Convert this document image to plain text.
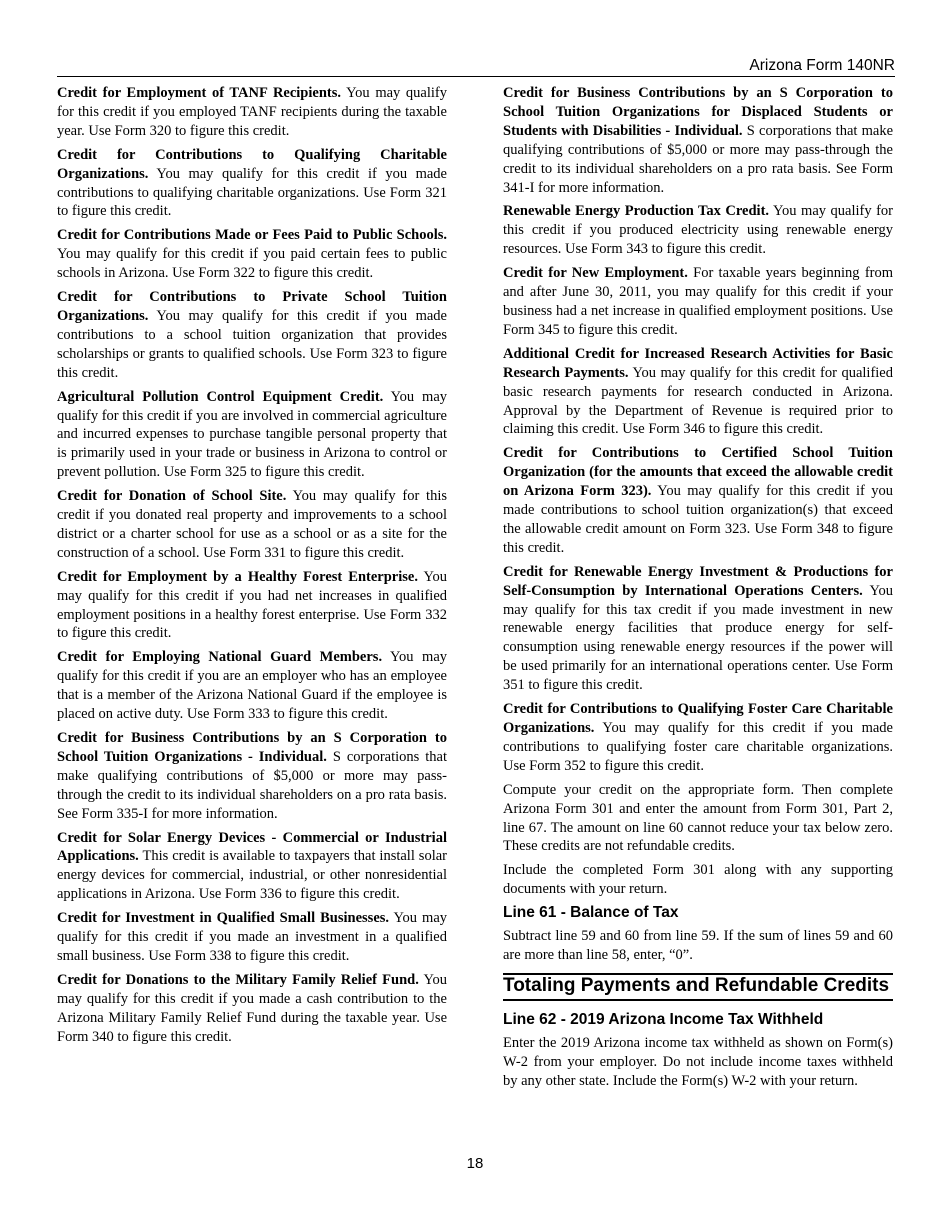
Arizona Form 140NR

Credit for Employment of TANF Recipients. You may qualify for this credit if you employed TANF recipients during the taxable year. Use Form 320 to figure this credit.

Credit for Contributions to Qualifying Charitable Organizations. You may qualify for this credit if you made contributions to qualifying charitable organizations. Use Form 321 to figure this credit.

Credit for Contributions Made or Fees Paid to Public Schools. You may qualify for this credit if you paid certain fees to public schools in Arizona. Use Form 322 to figure this credit.

Credit for Contributions to Private School Tuition Organizations. You may qualify for this credit if you made contributions to a school tuition organization that provides scholarships or grants to qualified schools. Use Form 323 to figure this credit.

Agricultural Pollution Control Equipment Credit. You may qualify for this credit if you are involved in commercial agriculture and incurred expenses to purchase tangible personal property that is primarily used in your trade or business in Arizona to control or prevent pollution. Use Form 325 to figure this credit.

Credit for Donation of School Site. You may qualify for this credit if you donated real property and improvements to a school district or a charter school for use as a school or as a site for the construction of a school. Use Form 331 to figure this credit.

Credit for Employment by a Healthy Forest Enterprise. You may qualify for this credit if you had net increases in qualified employment positions in a healthy forest enterprise. Use Form 332 to figure this credit.

Credit for Employing National Guard Members. You may qualify for this credit if you are an employer who has an employee that is a member of the Arizona National Guard if the employee is placed on active duty. Use Form 333 to figure this credit.

Credit for Business Contributions by an S Corporation to School Tuition Organizations - Individual. S corporations that make qualifying contributions of $5,000 or more may pass-through the credit to its individual shareholders on a pro rata basis. See Form 335-I for more information.

Credit for Solar Energy Devices - Commercial or Industrial Applications. This credit is available to taxpayers that install solar energy devices for commercial, industrial, or other nonresidential applications in Arizona. Use Form 336 to figure this credit.

Credit for Investment in Qualified Small Businesses. You may qualify for this credit if you made an investment in a qualified small business. Use Form 338 to figure this credit.

Credit for Donations to the Military Family Relief Fund. You may qualify for this credit if you made a cash contribution to the Arizona Military Family Relief Fund during the taxable year. Use Form 340 to figure this credit.

Credit for Business Contributions by an S Corporation to School Tuition Organizations for Displaced Students or Students with Disabilities - Individual. S corporations that make qualifying contributions of $5,000 or more may pass-through the credit to its individual shareholders on a pro rata basis. See Form 341-I for more information.

Renewable Energy Production Tax Credit. You may qualify for this credit if you produced electricity using renewable energy resources. Use Form 343 to figure this credit.

Credit for New Employment. For taxable years beginning from and after June 30, 2011, you may qualify for this credit if your business had a net increase in qualified employment positions. Use Form 345 to figure this credit.

Additional Credit for Increased Research Activities for Basic Research Payments. You may qualify for this credit for qualified basic research payments for research conducted in Arizona. Approval by the Department of Revenue is required prior to claiming this credit. Use Form 346 to figure this credit.

Credit for Contributions to Certified School Tuition Organization (for the amounts that exceed the allowable credit on Arizona Form 323). You may qualify for this credit if you made contributions to school tuition organization(s) that exceed the allowable credit amount on Form 323. Use Form 348 to figure this credit.

Credit for Renewable Energy Investment & Productions for Self-Consumption by International Operations Centers. You may qualify for this tax credit if you made investment in new renewable energy facilities that produce energy for self-consumption using renewable energy resources if the power will be used primarily for an international operations center. Use Form 351 to figure this credit.

Credit for Contributions to Qualifying Foster Care Charitable Organizations. You may qualify for this credit if you made contributions to qualifying foster care charitable organizations. Use Form 352 to figure this credit.

Compute your credit on the appropriate form. Then complete Arizona Form 301 and enter the amount from Form 301, Part 2, line 67. The amount on line 60 cannot reduce your tax below zero. These credits are not refundable credits.

Include the completed Form 301 along with any supporting documents with your return.

Line 61 - Balance of Tax

Subtract line 59 and 60 from line 59. If the sum of lines 59 and 60 are more than line 58, enter, “0”.

Totaling Payments and Refundable Credits
Line 62 - 2019 Arizona Income Tax Withheld

Enter the 2019 Arizona income tax withheld as shown on Form(s) W-2 from your employer. Do not include income taxes withheld by any other state. Include the Form(s) W-2 with your return.

18
